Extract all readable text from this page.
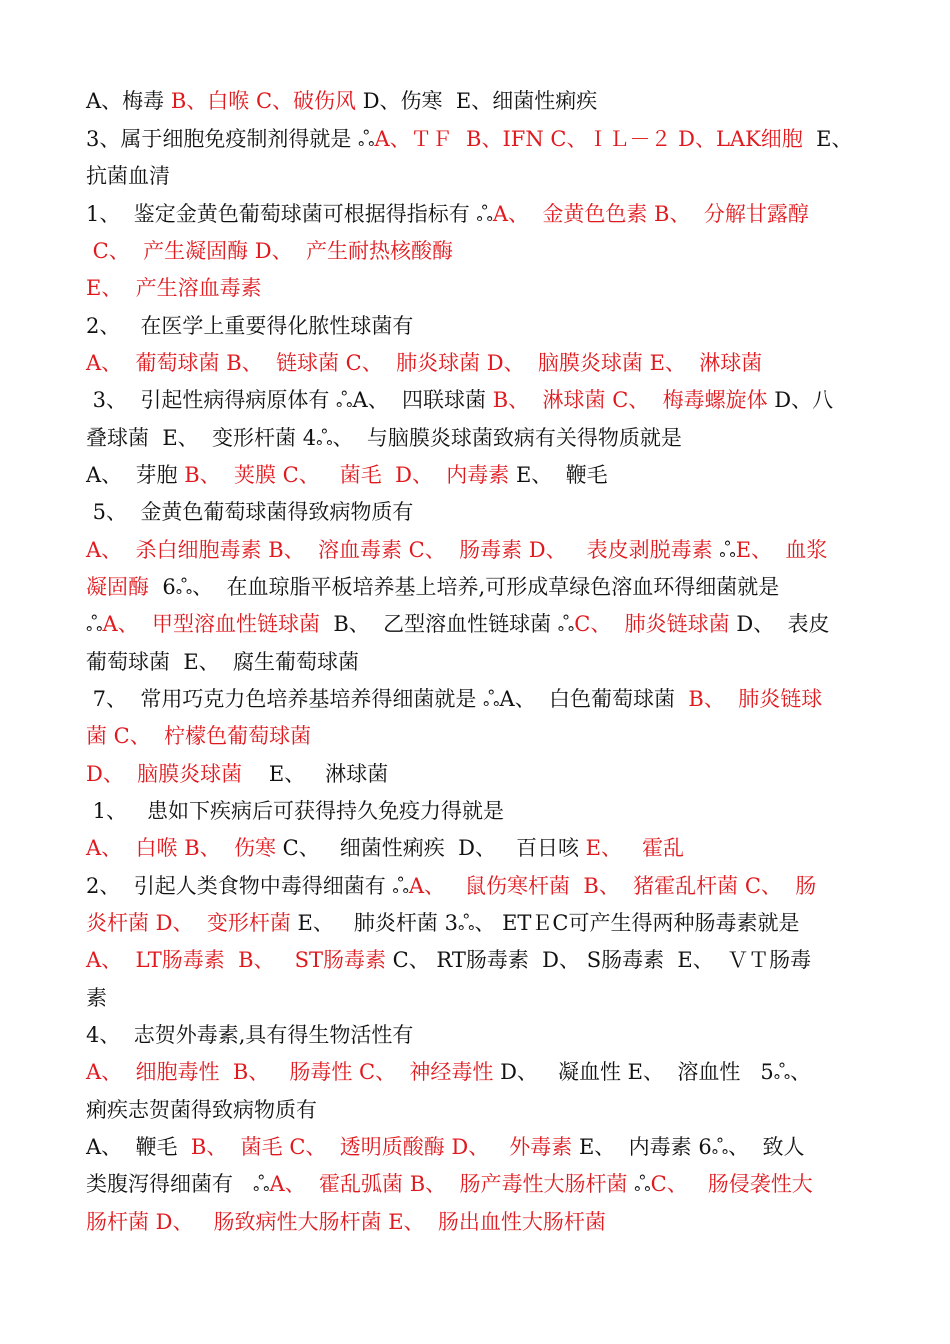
A、梅毒 B、白喉 C、破伤风 D、伤寒  E、细菌性痢疾
3、属于细胞免疫制剂得就是 ஃA、ＴＦ  B、IFN C、ＩＬ－２ D、LAK细胞  E、
抗菌血清
1、  鉴定金黄色葡萄球菌可根据得指标有 ஃA、  金黄色色素 B、  分解甘露醇
C、  产生凝固酶 D、  产生耐热核酸酶
E、  产生溶血毒素
2、   在医学上重要得化脓性球菌有
A、  葡萄球菌 B、  链球菌 C、  肺炎球菌 D、  脑膜炎球菌 E、  淋球菌
3、  引起性病得病原体有 ஃA、  四联球菌 B、  淋球菌 C、  梅毒螺旋体 D、八
叠球菌  E、  变形杆菌 4ஃ、  与脑膜炎球菌致病有关得物质就是
A、  芽胞 B、  荚膜 C、   菌毛  D、  内毒素 E、  鞭毛
5、  金黄色葡萄球菌得致病物质有
A、  杀白细胞毒素 B、  溶血毒素 C、  肠毒素 D、   表皮剥脱毒素 ஃE、  血浆
凝固酶  6ஃ、  在血琼脂平板培养基上培养,可形成草绿色溶血环得细菌就是
ஃA、  甲型溶血性链球菌  B、  乙型溶血性链球菌 ஃC、  肺炎链球菌 D、  表皮
葡萄球菌  E、  腐生葡萄球菌
7、  常用巧克力色培养基培养得细菌就是 ஃA、  白色葡萄球菌  B、  肺炎链球
菌 C、  柠檬色葡萄球菌
D、  脑膜炎球菌    E、   淋球菌
1、   患如下疾病后可获得持久免疫力得就是
A、  白喉 B、  伤寒 C、   细菌性痢疾  D、   百日咳 E、   霍乱
2、  引起人类食物中毒得细菌有 ஃA、   鼠伤寒杆菌  B、  猪霍乱杆菌 C、  肠
炎杆菌 D、  变形杆菌 E、   肺炎杆菌 3ஃ、 ETＥC可产生得两种肠毒素就是
A、  LT肠毒素  B、   ST肠毒素 C、 RT肠毒素  D、 S肠毒素  E、  ＶＴ肠毒
素
4、  志贺外毒素,具有得生物活性有
A、  细胞毒性  B、   肠毒性 C、  神经毒性 D、   凝血性 E、  溶血性   5ஃ、
痢疾志贺菌得致病物质有
A、  鞭毛  B、  菌毛 C、  透明质酸酶 D、   外毒素 E、  内毒素 6ஃ、  致人
类腹泻得细菌有   ஃA、  霍乱弧菌 B、  肠产毒性大肠杆菌 ஃC、   肠侵袭性大
肠杆菌 D、   肠致病性大肠杆菌 E、  肠出血性大肠杆菌
